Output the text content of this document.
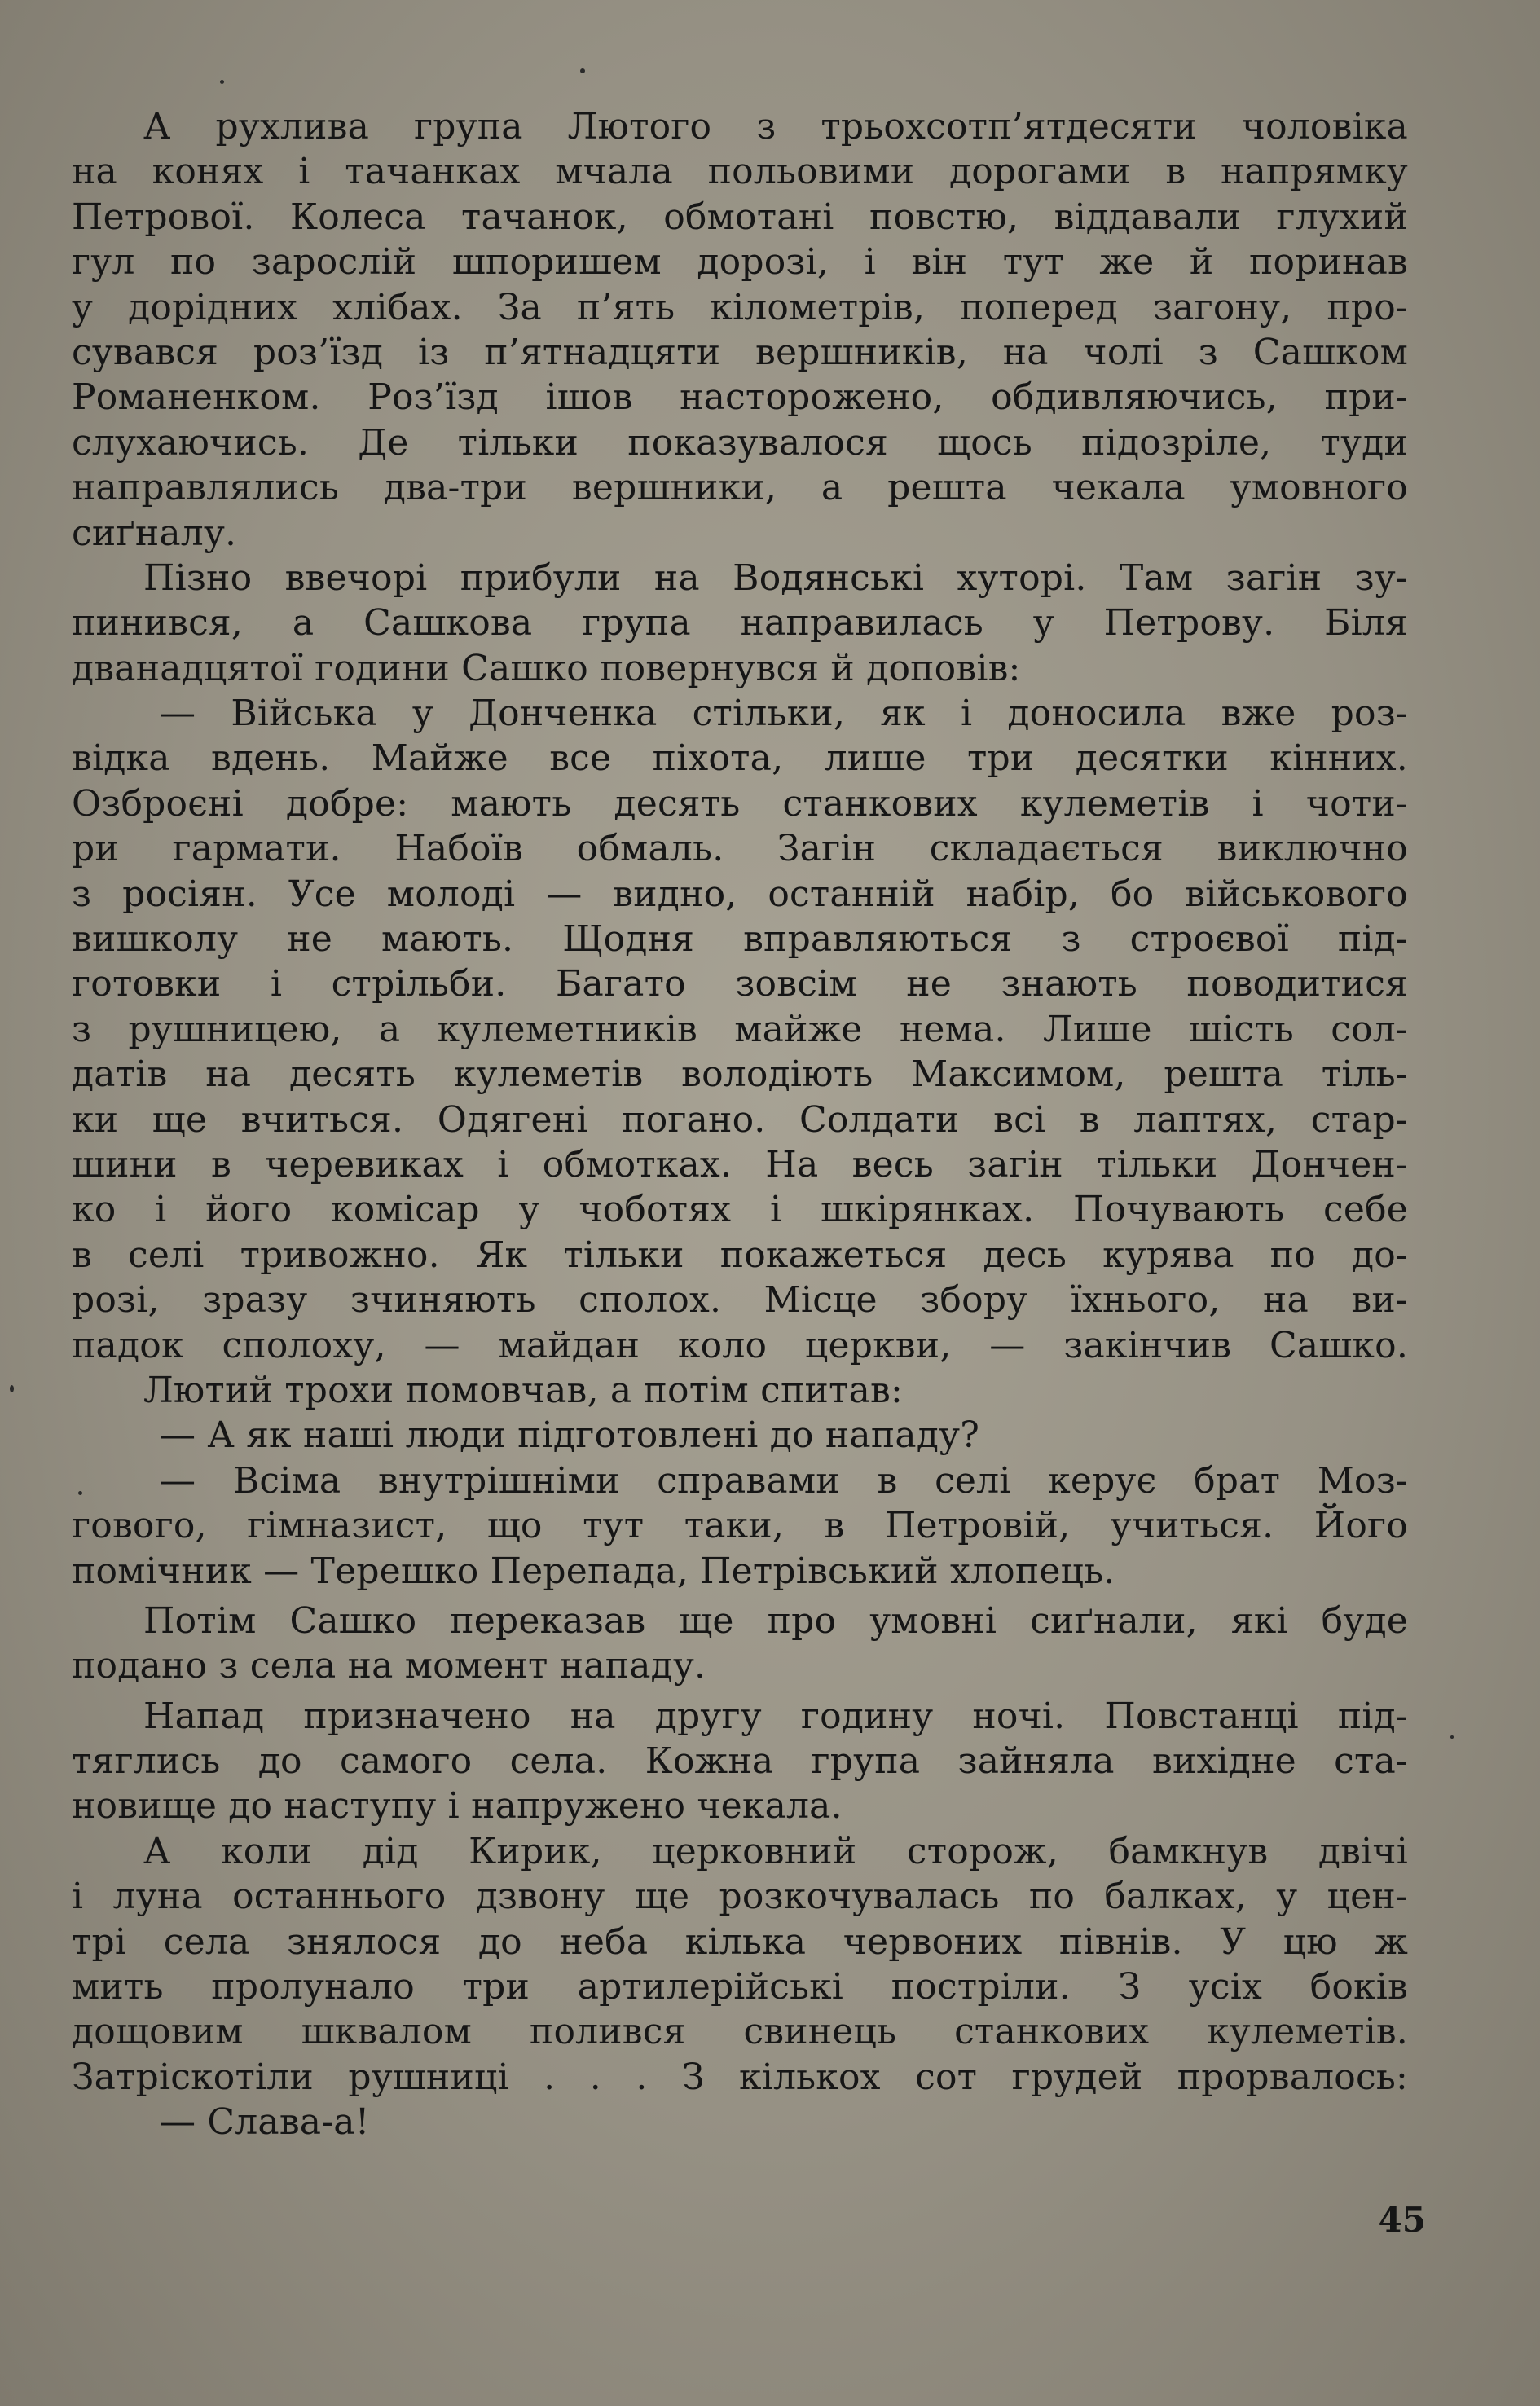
А рухлива група Лютого з трьохсотп’ятдесяти чоловіка
на конях і тачанках мчала польовими дорогами в напрямку
Петрової. Колеса тачанок, обмотані повстю, віддавали глухий
гул по зарослій шпоришем дорозі, і він тут же й поринав
у дорідних хлібах. За п’ять кілометрів, поперед загону, про-
сувався роз’їзд із п’ятнадцяти вершників, на чолі з Сашком
Романенком. Роз’їзд ішов настороженo, обдивляючись, при-
слухаючись. Де тільки показувалося щось підозріле, туди
направлялись два-три вершники, а решта чекала умовного
сиґналу.
Пізно ввечорі прибули на Водянські хуторі. Там загін зу-
пинився, а Сашкова група направилась у Петрову. Біля
дванадцятої години Сашко повернувся й доповів:
— Війська у Донченка стільки, як і доносила вже роз-
відка вдень. Майже все піхота, лише три десятки кінних.
Озброєні добре: мають десять станкових кулеметів і чоти-
ри гармати. Набоїв обмаль. Загін складається виключно
з росіян. Усе молоді — видно, останній набір, бо військового
вишколу не мають. Щодня вправляються з строєвої під-
готовки і стрільби. Багато зовсім не знають поводитися
з рушницею, а кулеметників майже нема. Лише шість сол-
датів на десять кулеметів володіють Максимом, решта тіль-
ки ще вчиться. Одягені погано. Солдати всі в лаптях, стар-
шини в черевиках і обмотках. На весь загін тільки Дончен-
ко і його комісар у чоботях і шкірянках. Почувають себе
в селі тривожно. Як тільки покажеться десь курява по до-
розі, зразу зчиняють сполох. Місце збору їхнього, на ви-
падок сполоху, — майдан коло церкви, — закінчив Сашко.
Лютий трохи помовчав, а потім спитав:
— А як наші люди підготовлені до нападу?
— Всіма внутрішніми справами в селі керує брат Моз-
гового, гімназист, що тут таки, в Петровій, учиться. Його
помічник — Терешко Перепада, Петрівський хлопець.
Потім Сашко переказав ще про умовні сиґнали, які буде
подано з села на момент нападу.
Напад призначено на другу годину ночі. Повстанці під-
тяглись до самого села. Кожна група зайняла вихідне ста-
новище до наступу і напружено чекала.
А коли дід Кирик, церковний сторож, бамкнув двічі
і луна останнього дзвону ще розкочувалась по балках, у цен-
трі села знялося до неба кілька червоних півнів. У цю ж
мить пролунало три артилерійські постріли. З усіх боків
дощовим шквалом полився свинець станкових кулеметів.
Затріскотіли рушниці . . . З кількох сот грудей прорвалось:
— Слава-а!
45
